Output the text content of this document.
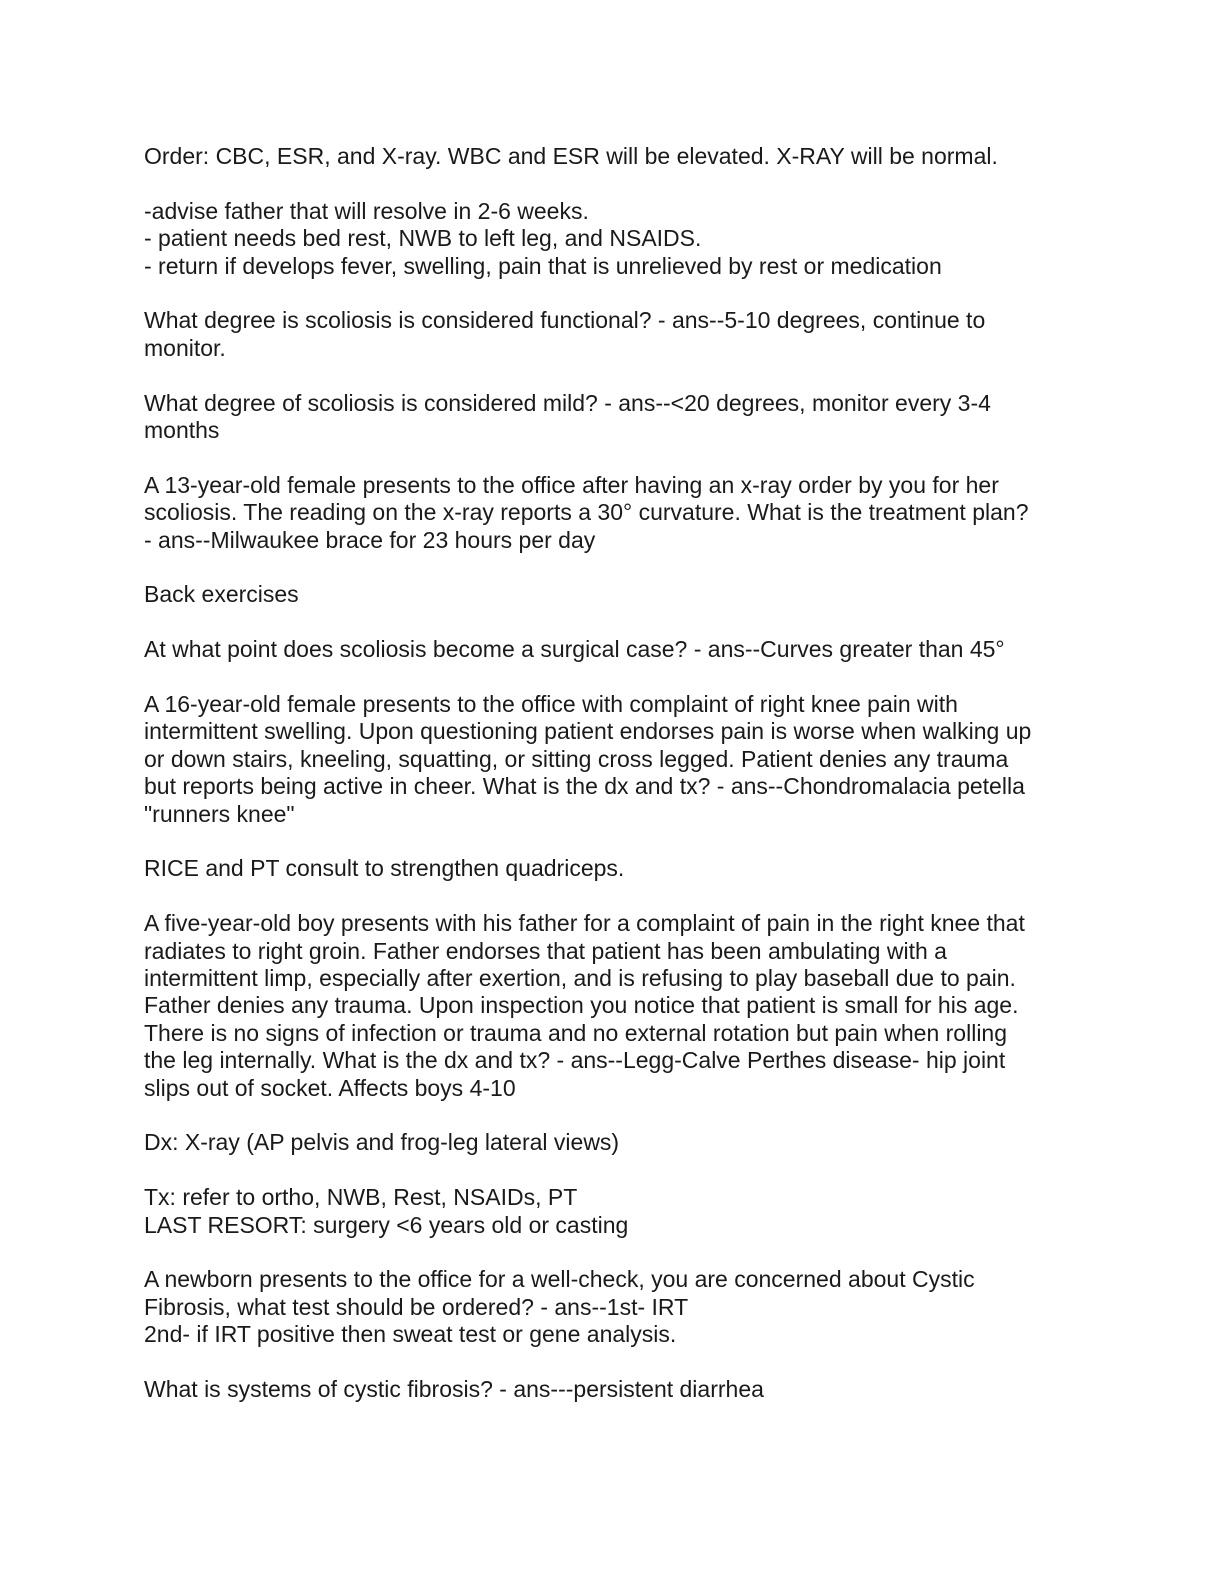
Order: CBC, ESR, and X-ray. WBC and ESR will be elevated. X-RAY will be normal.

-advise father that will resolve in 2-6 weeks.
- patient needs bed rest, NWB to left leg, and NSAIDS.
- return if develops fever, swelling, pain that is unrelieved by rest or medication

What degree is scoliosis is considered functional? - ans--5-10 degrees, continue to
monitor.

What degree of scoliosis is considered mild? - ans--<20 degrees, monitor every 3-4
months

A 13-year-old female presents to the office after having an x-ray order by you for her
scoliosis. The reading on the x-ray reports a 30° curvature. What is the treatment plan?
- ans--Milwaukee brace for 23 hours per day

Back exercises

At what point does scoliosis become a surgical case? - ans--Curves greater than 45°

A 16-year-old female presents to the office with complaint of right knee pain with
intermittent swelling. Upon questioning patient endorses pain is worse when walking up
or down stairs, kneeling, squatting, or sitting cross legged. Patient denies any trauma
but reports being active in cheer. What is the dx and tx? - ans--Chondromalacia petella
"runners knee"

RICE and PT consult to strengthen quadriceps.

A five-year-old boy presents with his father for a complaint of pain in the right knee that
radiates to right groin. Father endorses that patient has been ambulating with a
intermittent limp, especially after exertion, and is refusing to play baseball due to pain.
Father denies any trauma. Upon inspection you notice that patient is small for his age.
There is no signs of infection or trauma and no external rotation but pain when rolling
the leg internally. What is the dx and tx? - ans--Legg-Calve Perthes disease- hip joint
slips out of socket. Affects boys 4-10

Dx: X-ray (AP pelvis and frog-leg lateral views)

Tx: refer to ortho, NWB, Rest, NSAIDs, PT
LAST RESORT: surgery <6 years old or casting

A newborn presents to the office for a well-check, you are concerned about Cystic
Fibrosis, what test should be ordered? - ans--1st- IRT
2nd- if IRT positive then sweat test or gene analysis.

What is systems of cystic fibrosis? - ans---persistent diarrhea
